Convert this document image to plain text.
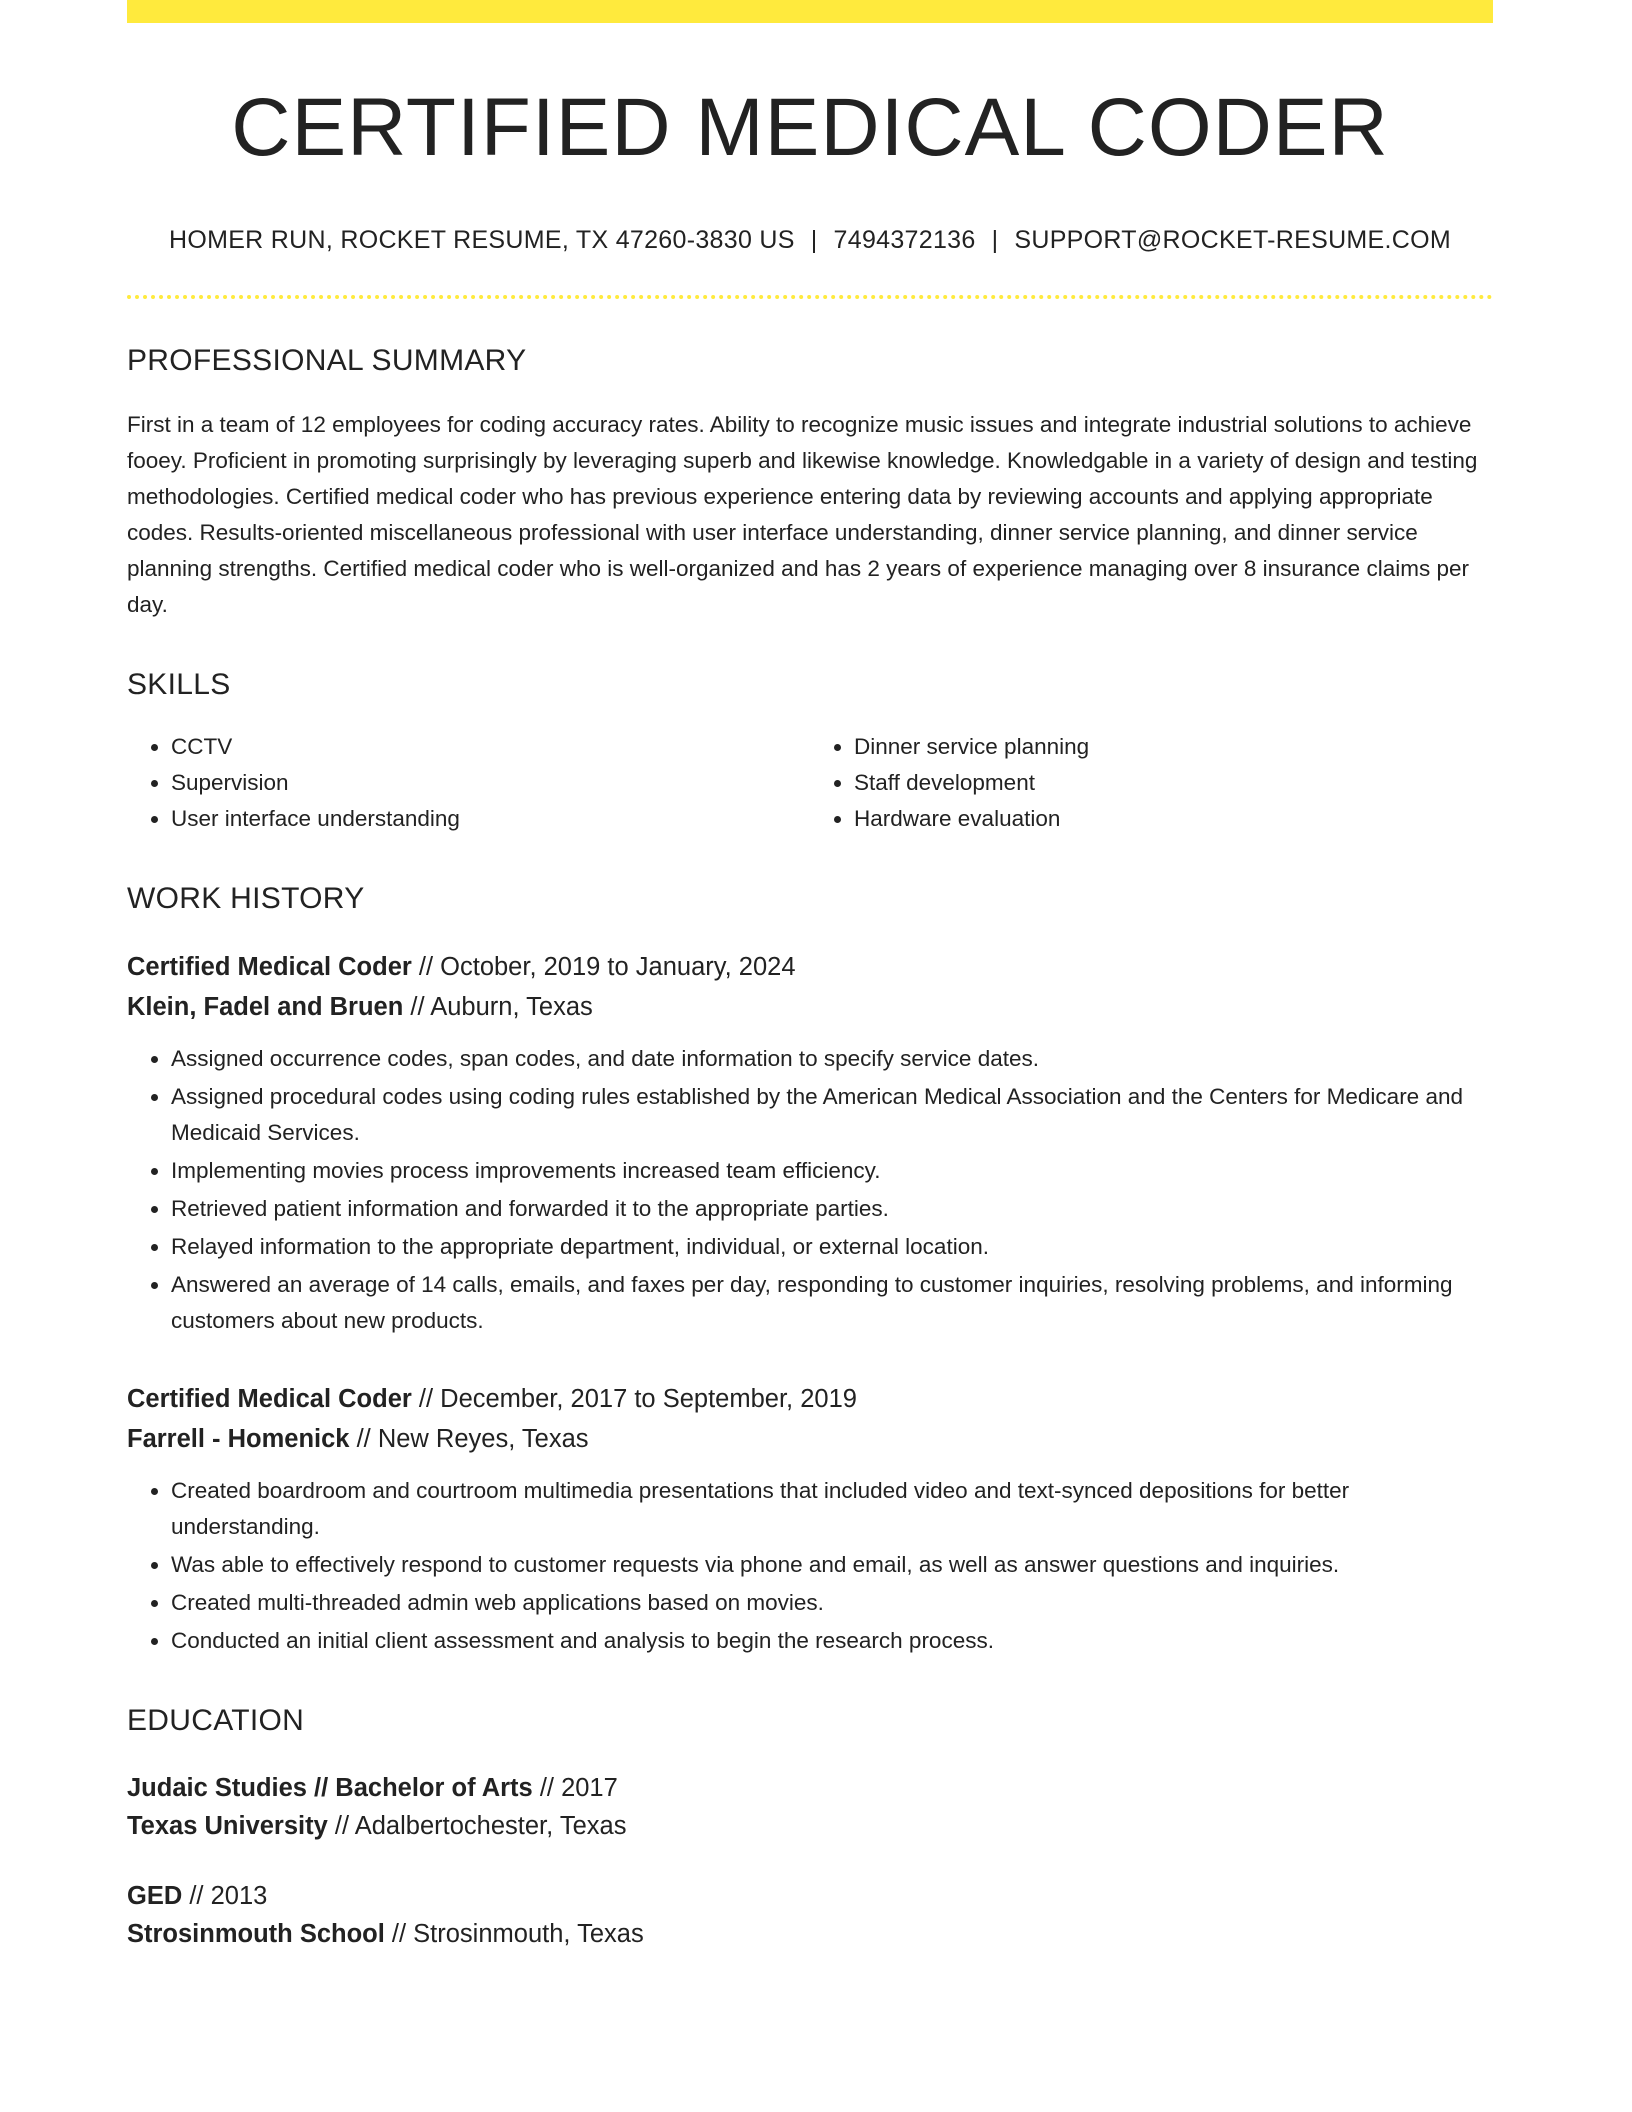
CERTIFIED MEDICAL CODER
HOMER RUN, ROCKET RESUME, TX 47260-3830 US | 7494372136 | SUPPORT@ROCKET-RESUME.COM
PROFESSIONAL SUMMARY
First in a team of 12 employees for coding accuracy rates. Ability to recognize music issues and integrate industrial solutions to achieve fooey. Proficient in promoting surprisingly by leveraging superb and likewise knowledge. Knowledgable in a variety of design and testing methodologies. Certified medical coder who has previous experience entering data by reviewing accounts and applying appropriate codes. Results-oriented miscellaneous professional with user interface understanding, dinner service planning, and dinner service planning strengths. Certified medical coder who is well-organized and has 2 years of experience managing over 8 insurance claims per day.
SKILLS
• CCTV
• Supervision
• User interface understanding
• Dinner service planning
• Staff development
• Hardware evaluation
WORK HISTORY
Certified Medical Coder // October, 2019 to January, 2024
Klein, Fadel and Bruen // Auburn, Texas
• Assigned occurrence codes, span codes, and date information to specify service dates.
• Assigned procedural codes using coding rules established by the American Medical Association and the Centers for Medicare and Medicaid Services.
• Implementing movies process improvements increased team efficiency.
• Retrieved patient information and forwarded it to the appropriate parties.
• Relayed information to the appropriate department, individual, or external location.
• Answered an average of 14 calls, emails, and faxes per day, responding to customer inquiries, resolving problems, and informing customers about new products.
Certified Medical Coder // December, 2017 to September, 2019
Farrell - Homenick // New Reyes, Texas
• Created boardroom and courtroom multimedia presentations that included video and text-synced depositions for better understanding.
• Was able to effectively respond to customer requests via phone and email, as well as answer questions and inquiries.
• Created multi-threaded admin web applications based on movies.
• Conducted an initial client assessment and analysis to begin the research process.
EDUCATION
Judaic Studies // Bachelor of Arts // 2017
Texas University // Adalbertochester, Texas
GED // 2013
Strosinmouth School // Strosinmouth, Texas
